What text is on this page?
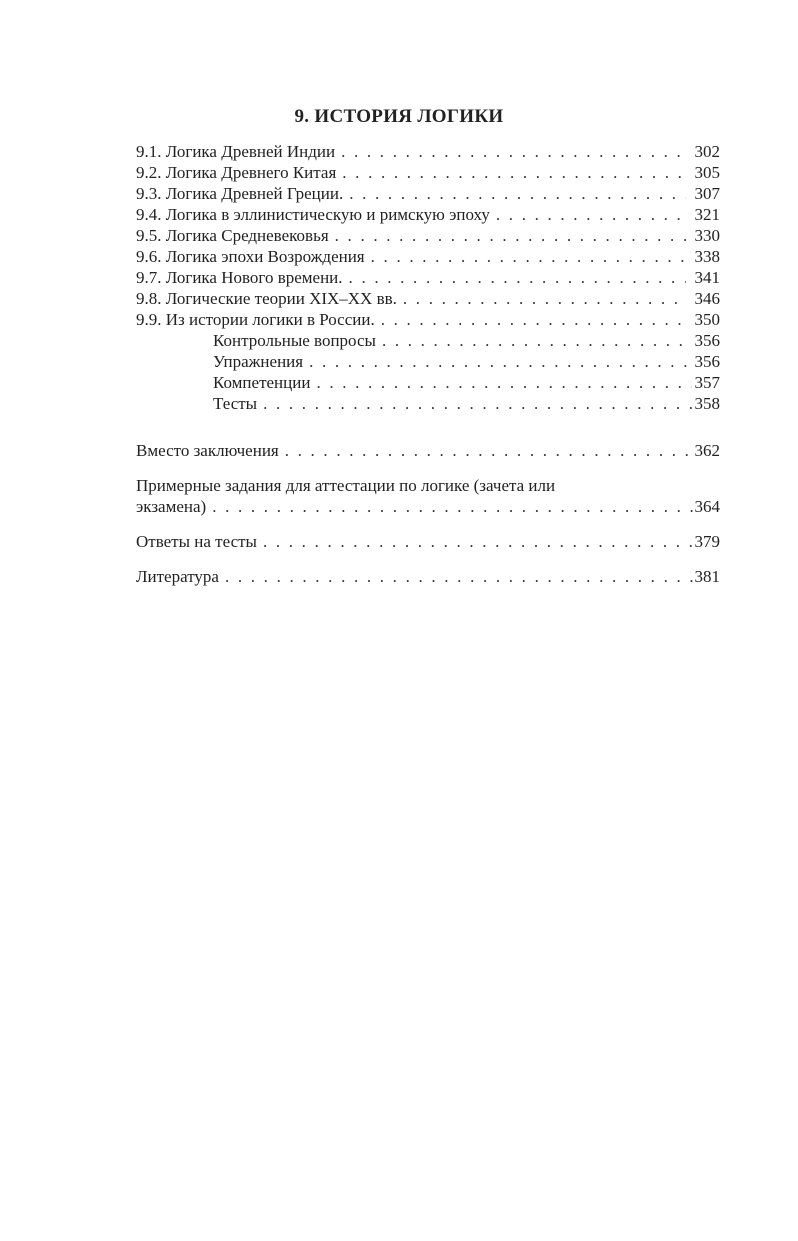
9. ИСТОРИЯ ЛОГИКИ
9.1. Логика Древней Индии . . .	302
9.2. Логика Древнего Китая . . .	305
9.3. Логика Древней Греции. . . .	307
9.4. Логика в эллинистическую и римскую эпоху . . .	321
9.5. Логика Средневековья . . .	330
9.6. Логика эпохи Возрождения . . .	338
9.7. Логика Нового времени. . . .	341
9.8. Логические теории XIX–XX вв. . . .	346
9.9. Из истории логики в России. . . .	350
Контрольные вопросы . . .	356
Упражнения . . .	356
Компетенции . . .	357
Тесты . . .	358
Вместо заключения . . .	362
Примерные задания для аттестации по логике (зачета или
экзамена) . . .	364
Ответы на тесты . . .	379
Литература . . .	381
